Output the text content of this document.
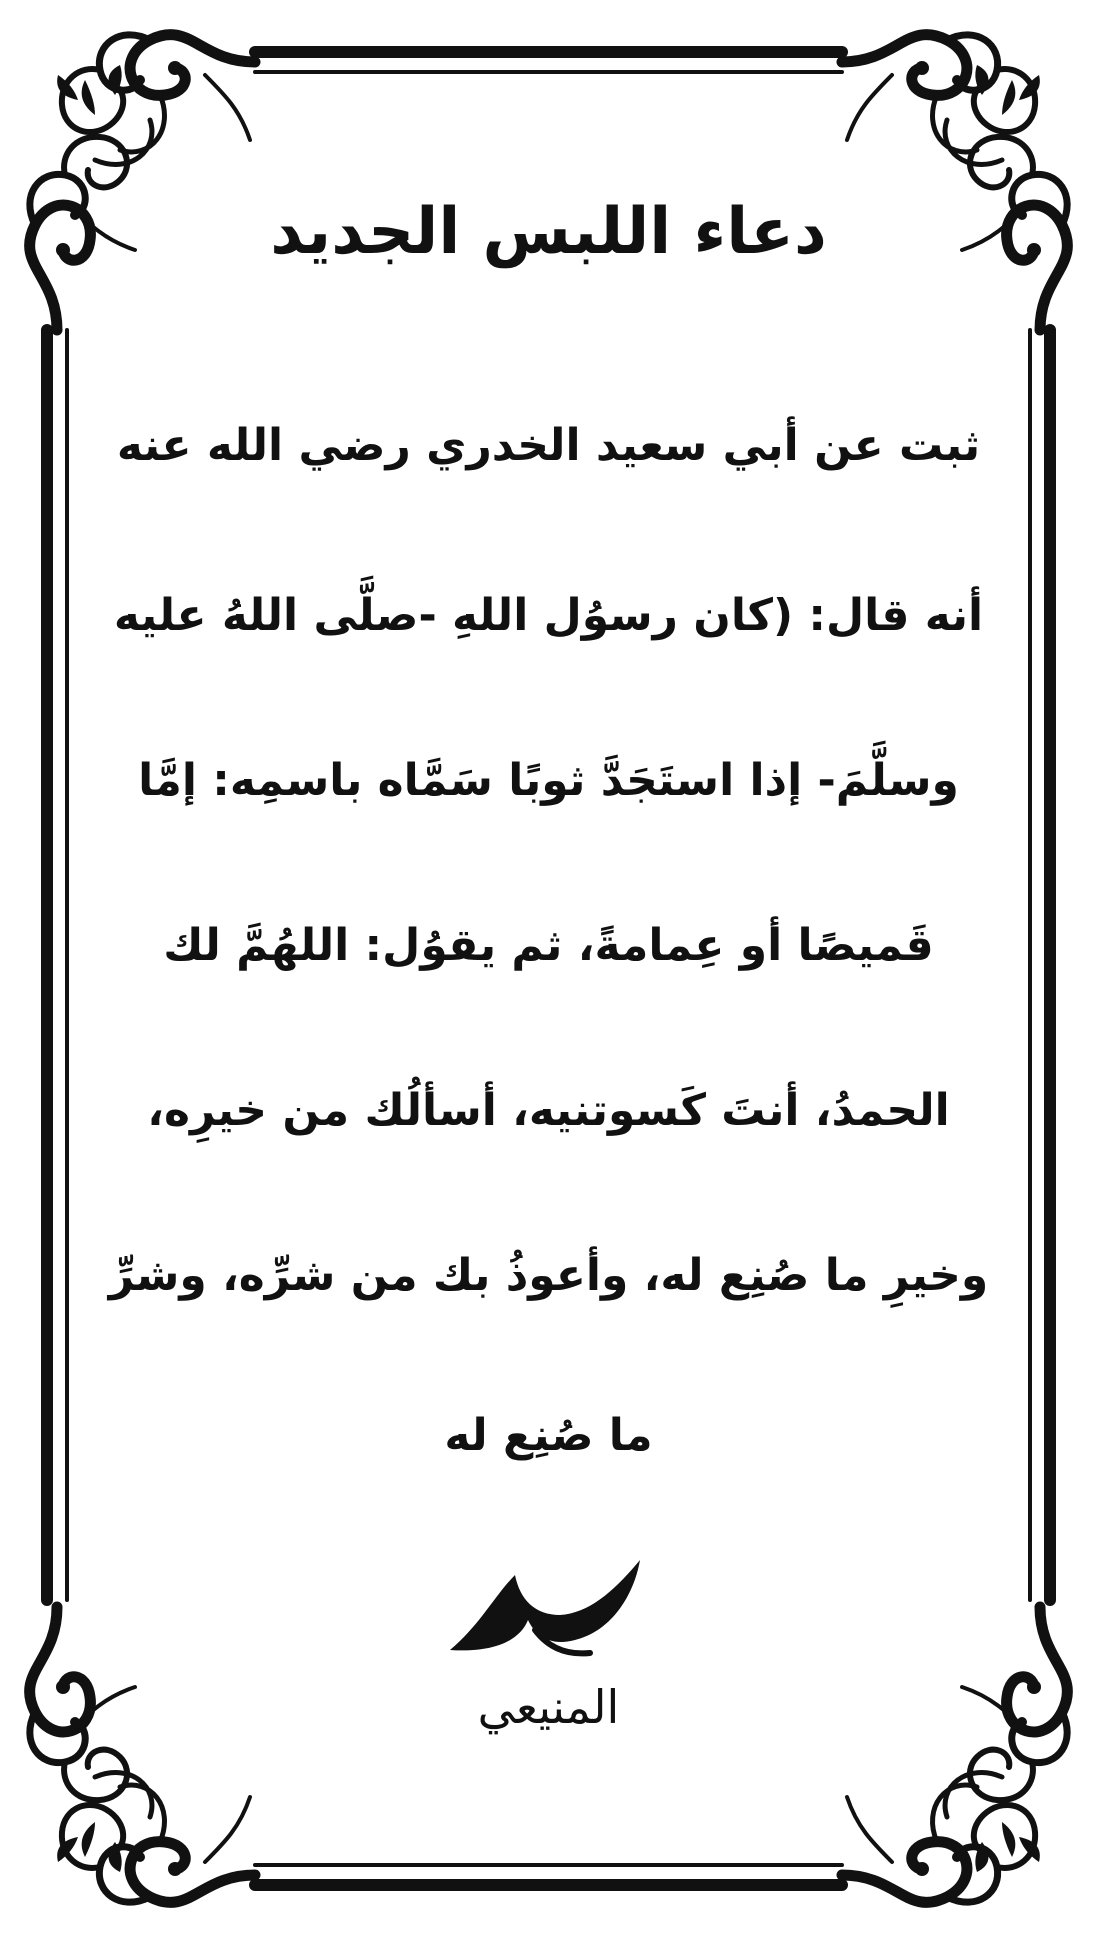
دعاء اللبس الجديد
ثبت عن أبي سعيد الخدري رضي الله عنه
أنه قال: (كان رسوُل اللهِ -صلَّى اللهُ عليه
وسلَّمَ- إذا استَجَدَّ ثوبًا سَمَّاه باسمِه: إمَّا
قَميصًا أو عِمامةً، ثم يقوُل: اللهُمَّ لك
الحمدُ، أنتَ كَسوتنيه، أسألُك من خيرِه،
وخيرِ ما صُنِع له، وأعوذُ بك من شرِّه، وشرِّ
ما صُنِع له
المنيعي
